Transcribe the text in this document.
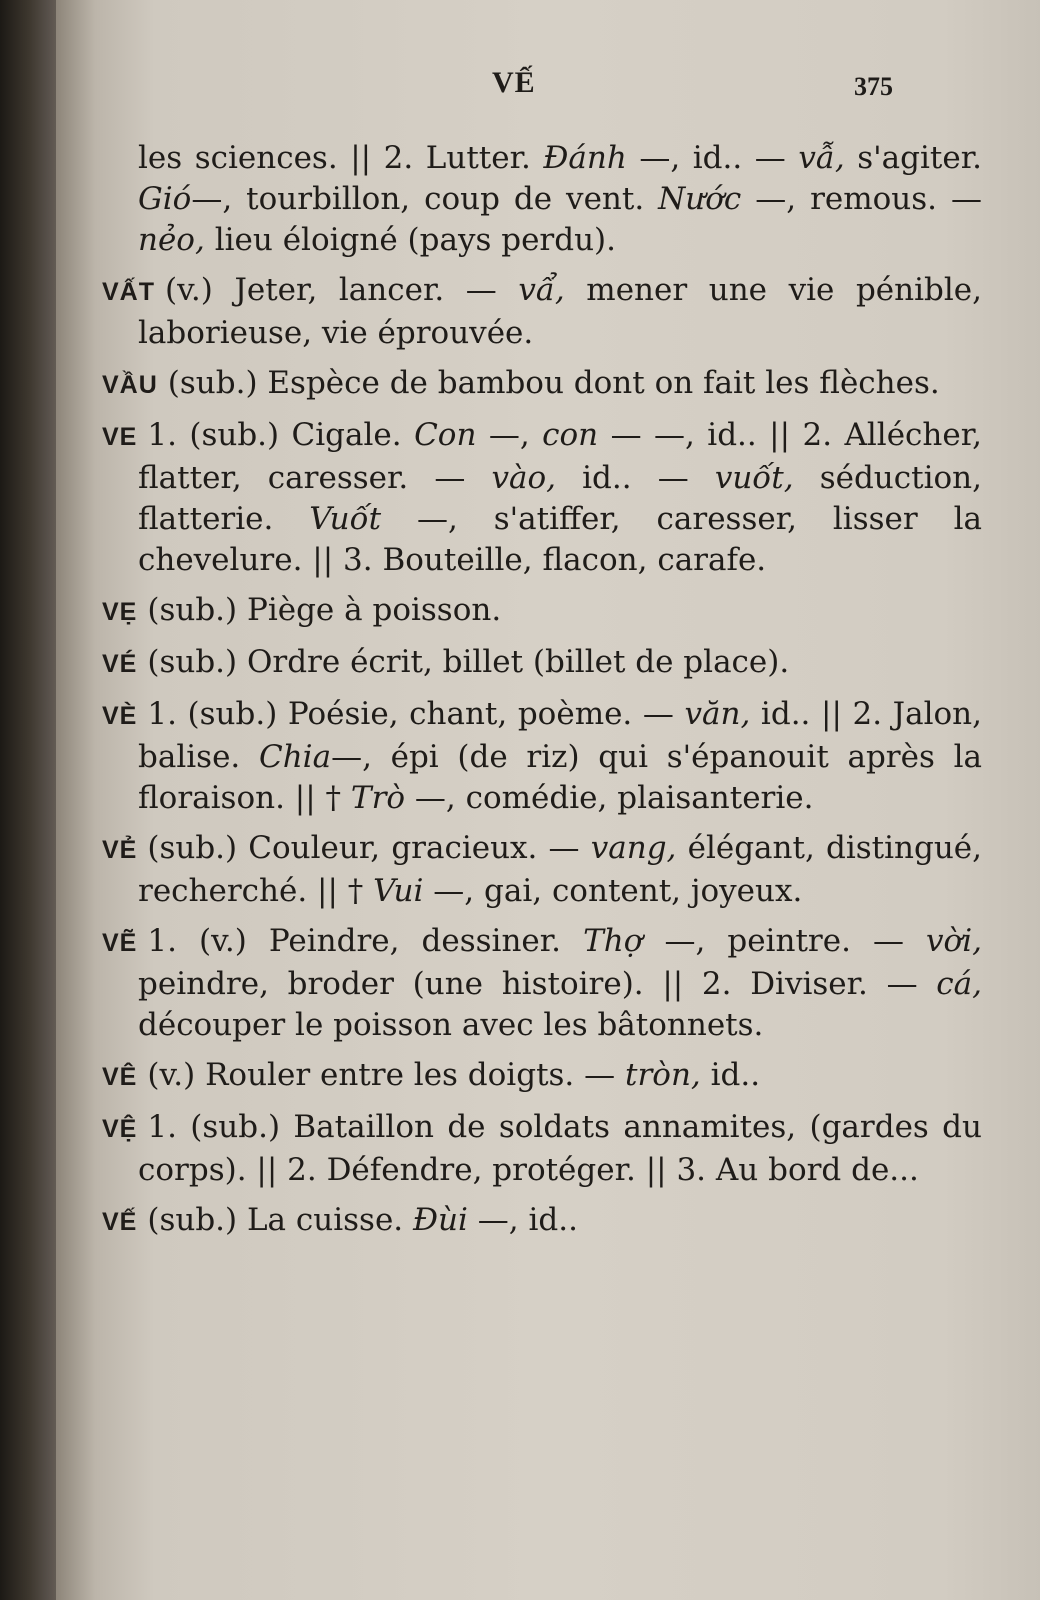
VẾ	375

les sciences. || 2. Lutter. Đánh —, id.. — vẫ, s'agiter. Gió—, tourbillon, coup de vent. Nước —, remous. — nẻo, lieu éloigné (pays perdu).

VẤT (v.) Jeter, lancer. — vẩ, mener une vie pénible, laborieuse, vie éprouvée.

VẦU (sub.) Espèce de bambou dont on fait les flèches.

VE 1. (sub.) Cigale. Con —, con — —, id.. || 2. Allécher, flatter, caresser. — vào, id.. — vuốt, séduction, flatterie. Vuốt —, s'atiffer, caresser, lisser la chevelure. || 3. Bouteille, flacon, carafe.

VẸ (sub.) Piège à poisson.

VÉ (sub.) Ordre écrit, billet (billet de place).

VÈ 1. (sub.) Poésie, chant, poème. — văn, id.. || 2. Jalon, balise. Chia—, épi (de riz) qui s'épanouit après la floraison. || † Trò —, comédie, plaisanterie.

VẺ (sub.) Couleur, gracieux. — vang, élégant, distingué, recherché. || † Vui —, gai, content, joyeux.

VẼ 1. (v.) Peindre, dessiner. Thợ —, peintre. — vời, peindre, broder (une histoire). || 2. Diviser. — cá, découper le poisson avec les bâtonnets.

VÊ (v.) Rouler entre les doigts. — tròn, id..

VỆ 1. (sub.) Bataillon de soldats annamites, (gardes du corps). || 2. Défendre, protéger. || 3. Au bord de...

VẾ (sub.) La cuisse. Đùi —, id..
